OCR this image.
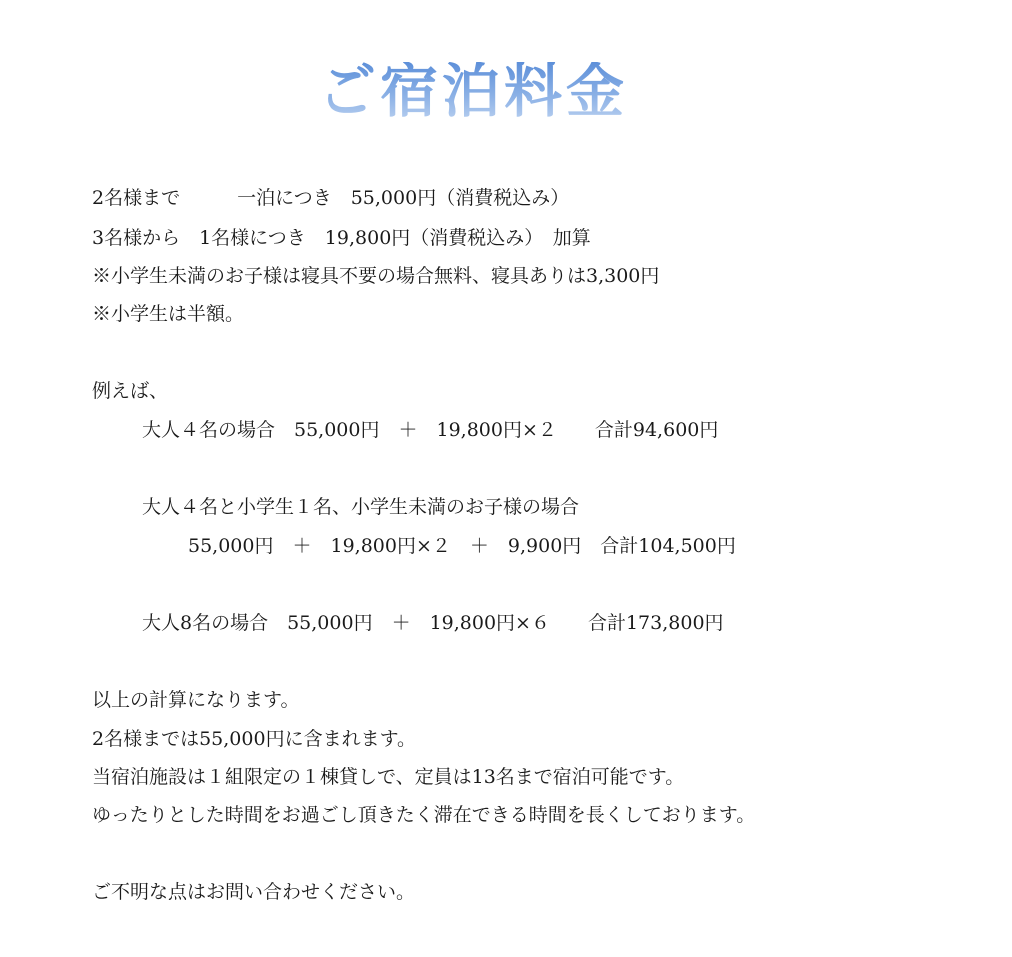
ご宿泊料金
2名様まで　　　一泊につき　55,000円（消費税込み）
3名様から　1名様につき　19,800円（消費税込み）　加算
※小学生未満のお子様は寝具不要の場合無料、寝具ありは3,300円
※小学生は半額。
例えば、
大人４名の場合　55,000円　＋　19,800円×２　　合計94,600円
大人４名と小学生１名、小学生未満のお子様の場合
55,000円　＋　19,800円×２　＋　9,900円　合計104,500円
大人8名の場合　55,000円　＋　19,800円×６　　合計173,800円
以上の計算になります。
2名様までは55,000円に含まれます。
当宿泊施設は１組限定の１棟貸しで、定員は13名まで宿泊可能です。
ゆったりとした時間をお過ごし頂きたく滞在できる時間を長くしております。
ご不明な点はお問い合わせください。
